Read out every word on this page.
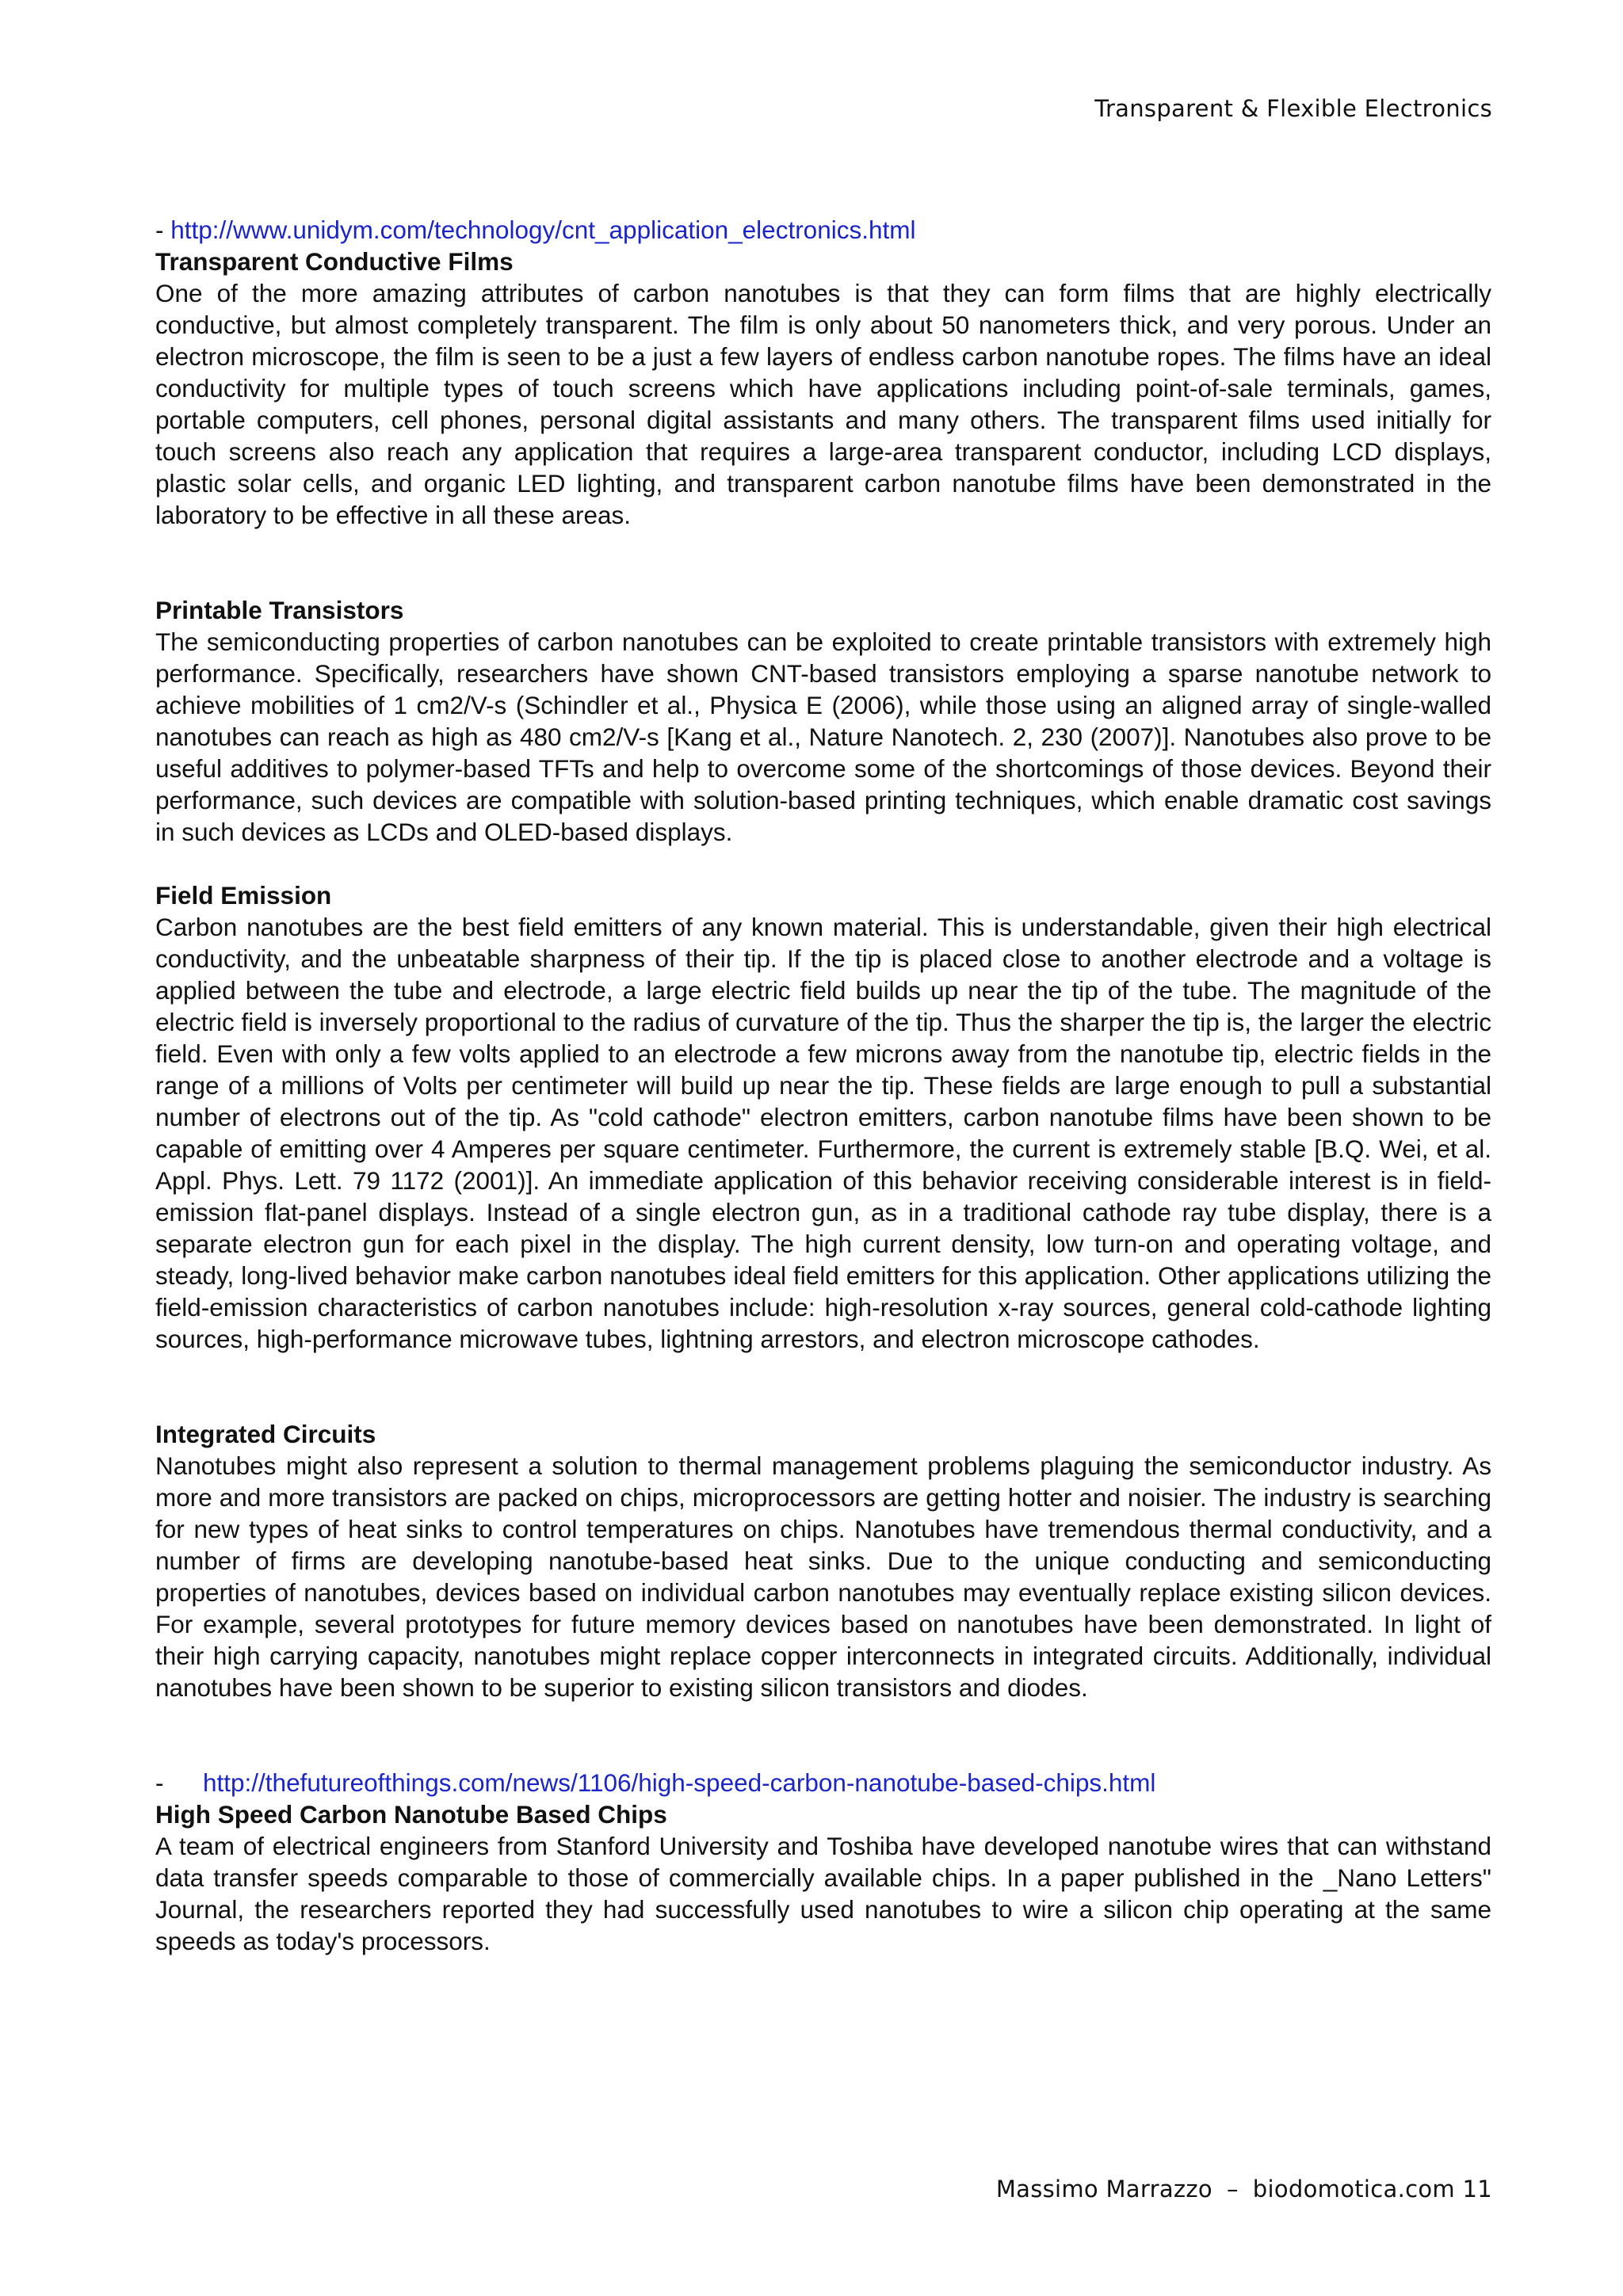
Transparent & Flexible Electronics

- http://www.unidym.com/technology/cnt_application_electronics.html

Transparent Conductive Films

One of the more amazing attributes of carbon nanotubes is that they can form films that are highly electrically conductive, but almost completely transparent. The film is only about 50 nanometers thick, and very porous. Under an electron microscope, the film is seen to be a just a few layers of endless carbon nanotube ropes. The films have an ideal conductivity for multiple types of touch screens which have applications including point-of-sale terminals, games, portable computers, cell phones, personal digital assistants and many others. The transparent films used initially for touch screens also reach any application that requires a large-area transparent conductor, including LCD displays, plastic solar cells, and organic LED lighting, and transparent carbon nanotube films have been demonstrated in the laboratory to be effective in all these areas.

Printable Transistors

The semiconducting properties of carbon nanotubes can be exploited to create printable transistors with extremely high performance. Specifically, researchers have shown CNT-based transistors employing a sparse nanotube network to achieve mobilities of 1 cm2/V-s (Schindler et al., Physica E (2006), while those using an aligned array of single-walled nanotubes can reach as high as 480 cm2/V-s [Kang et al., Nature Nanotech. 2, 230 (2007)]. Nanotubes also prove to be useful additives to polymer-based TFTs and help to overcome some of the shortcomings of those devices. Beyond their performance, such devices are compatible with solution-based printing techniques, which enable dramatic cost savings in such devices as LCDs and OLED-based displays.

Field Emission

Carbon nanotubes are the best field emitters of any known material. This is understandable, given their high electrical conductivity, and the unbeatable sharpness of their tip. If the tip is placed close to another electrode and a voltage is applied between the tube and electrode, a large electric field builds up near the tip of the tube. The magnitude of the electric field is inversely proportional to the radius of curvature of the tip. Thus the sharper the tip is, the larger the electric field. Even with only a few volts applied to an electrode a few microns away from the nanotube tip, electric fields in the range of a millions of Volts per centimeter will build up near the tip. These fields are large enough to pull a substantial number of electrons out of the tip. As "cold cathode" electron emitters, carbon nanotube films have been shown to be capable of emitting over 4 Amperes per square centimeter. Furthermore, the current is extremely stable [B.Q. Wei, et al. Appl. Phys. Lett. 79 1172 (2001)]. An immediate application of this behavior receiving considerable interest is in field-emission flat-panel displays. Instead of a single electron gun, as in a traditional cathode ray tube display, there is a separate electron gun for each pixel in the display. The high current density, low turn-on and operating voltage, and steady, long-lived behavior make carbon nanotubes ideal field emitters for this application. Other applications utilizing the field-emission characteristics of carbon nanotubes include: high-resolution x-ray sources, general cold-cathode lighting sources, high-performance microwave tubes, lightning arrestors, and electron microscope cathodes.

Integrated Circuits

Nanotubes might also represent a solution to thermal management problems plaguing the semiconductor industry. As more and more transistors are packed on chips, microprocessors are getting hotter and noisier. The industry is searching for new types of heat sinks to control temperatures on chips. Nanotubes have tremendous thermal conductivity, and a number of firms are developing nanotube-based heat sinks. Due to the unique conducting and semiconducting properties of nanotubes, devices based on individual carbon nanotubes may eventually replace existing silicon devices. For example, several prototypes for future memory devices based on nanotubes have been demonstrated. In light of their high carrying capacity, nanotubes might replace copper interconnects in integrated circuits. Additionally, individual nanotubes have been shown to be superior to existing silicon transistors and diodes.

- http://thefutureofthings.com/news/1106/high-speed-carbon-nanotube-based-chips.html

High Speed Carbon Nanotube Based Chips

A team of electrical engineers from Stanford University and Toshiba have developed nanotube wires that can withstand data transfer speeds comparable to those of commercially available chips. In a paper published in the _Nano Letters" Journal, the researchers reported they had successfully used nanotubes to wire a silicon chip operating at the same speeds as today's processors.

Massimo Marrazzo – biodomotica.com 11
